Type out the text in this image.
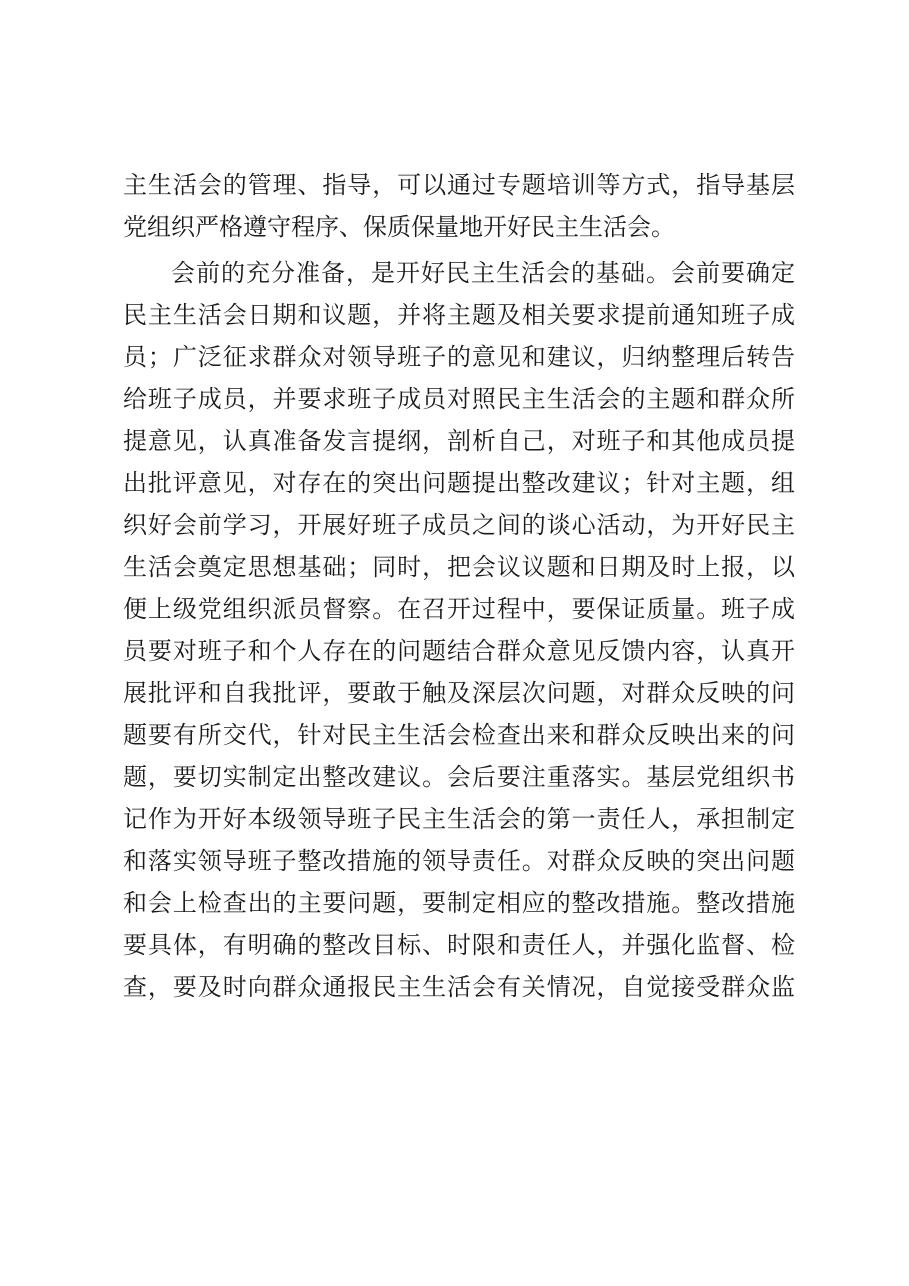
主生活会的管理、指导，可以通过专题培训等方式，指导基层
党组织严格遵守程序、保质保量地开好民主生活会。
会前的充分准备，是开好民主生活会的基础。会前要确定
民主生活会日期和议题，并将主题及相关要求提前通知班子成
员；广泛征求群众对领导班子的意见和建议，归纳整理后转告
给班子成员，并要求班子成员对照民主生活会的主题和群众所
提意见，认真准备发言提纲，剖析自己，对班子和其他成员提
出批评意见，对存在的突出问题提出整改建议；针对主题，组
织好会前学习，开展好班子成员之间的谈心活动，为开好民主
生活会奠定思想基础；同时，把会议议题和日期及时上报，以
便上级党组织派员督察。在召开过程中，要保证质量。班子成
员要对班子和个人存在的问题结合群众意见反馈内容，认真开
展批评和自我批评，要敢于触及深层次问题，对群众反映的问
题要有所交代，针对民主生活会检查出来和群众反映出来的问
题，要切实制定出整改建议。会后要注重落实。基层党组织书
记作为开好本级领导班子民主生活会的第一责任人，承担制定
和落实领导班子整改措施的领导责任。对群众反映的突出问题
和会上检查出的主要问题，要制定相应的整改措施。整改措施
要具体，有明确的整改目标、时限和责任人，并强化监督、检
查，要及时向群众通报民主生活会有关情况，自觉接受群众监
